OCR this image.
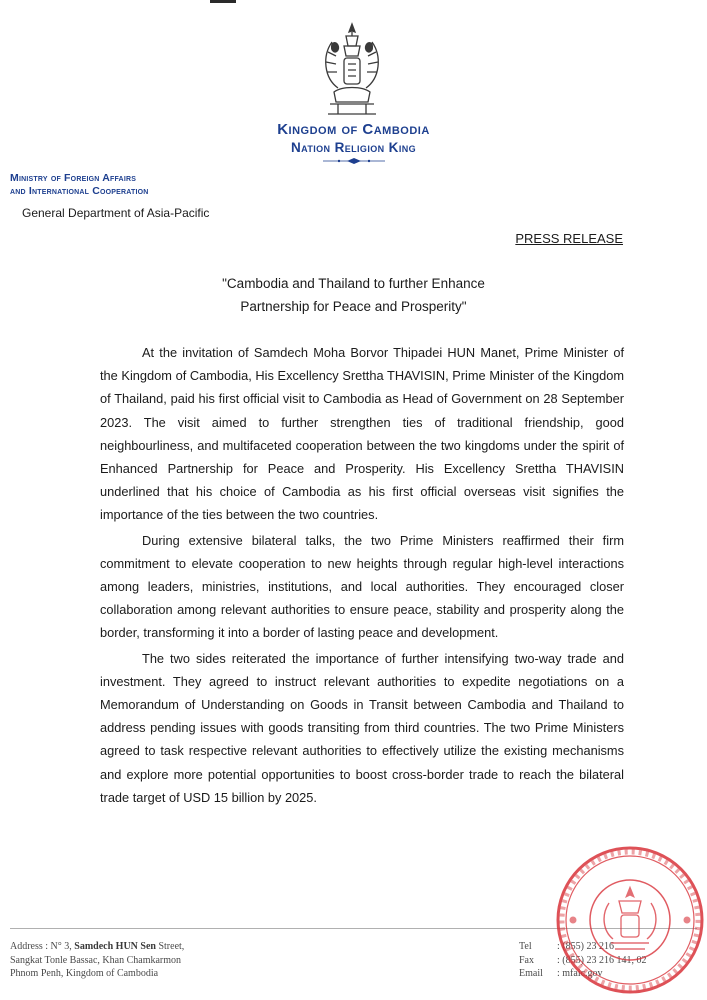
Kingdom of Cambodia
Nation Religion King
Ministry of Foreign Affairs
and International Cooperation
General Department of Asia-Pacific
PRESS RELEASE
"Cambodia and Thailand to further Enhance
Partnership for Peace and Prosperity"

At the invitation of Samdech Moha Borvor Thipadei HUN Manet, Prime Minister of the Kingdom of Cambodia, His Excellency Srettha THAVISIN, Prime Minister of the Kingdom of Thailand, paid his first official visit to Cambodia as Head of Government on 28 September 2023. The visit aimed to further strengthen ties of traditional friendship, good neighbourliness, and multifaceted cooperation between the two kingdoms under the spirit of Enhanced Partnership for Peace and Prosperity. His Excellency Srettha THAVISIN underlined that his choice of Cambodia as his first official overseas visit signifies the importance of the ties between the two countries.

During extensive bilateral talks, the two Prime Ministers reaffirmed their firm commitment to elevate cooperation to new heights through regular high-level interactions among leaders, ministries, institutions, and local authorities. They encouraged closer collaboration among relevant authorities to ensure peace, stability and prosperity along the border, transforming it into a border of lasting peace and development.

The two sides reiterated the importance of further intensifying two-way trade and investment. They agreed to instruct relevant authorities to expedite negotiations on a Memorandum of Understanding on Goods in Transit between Cambodia and Thailand to address pending issues with goods transiting from third countries. The two Prime Ministers agreed to task respective relevant authorities to effectively utilize the existing mechanisms and explore more potential opportunities to boost cross-border trade to reach the bilateral trade target of USD 15 billion by 2025.

Address : N° 3, Samdech HUN Sen Street,
Sangkat Tonle Bassac, Khan Chamkarmon
Phnom Penh, Kingdom of Cambodia
Tel	: (855) 23 216
Fax : (855) 23 216 141, 02
Email : mfaic.gov
